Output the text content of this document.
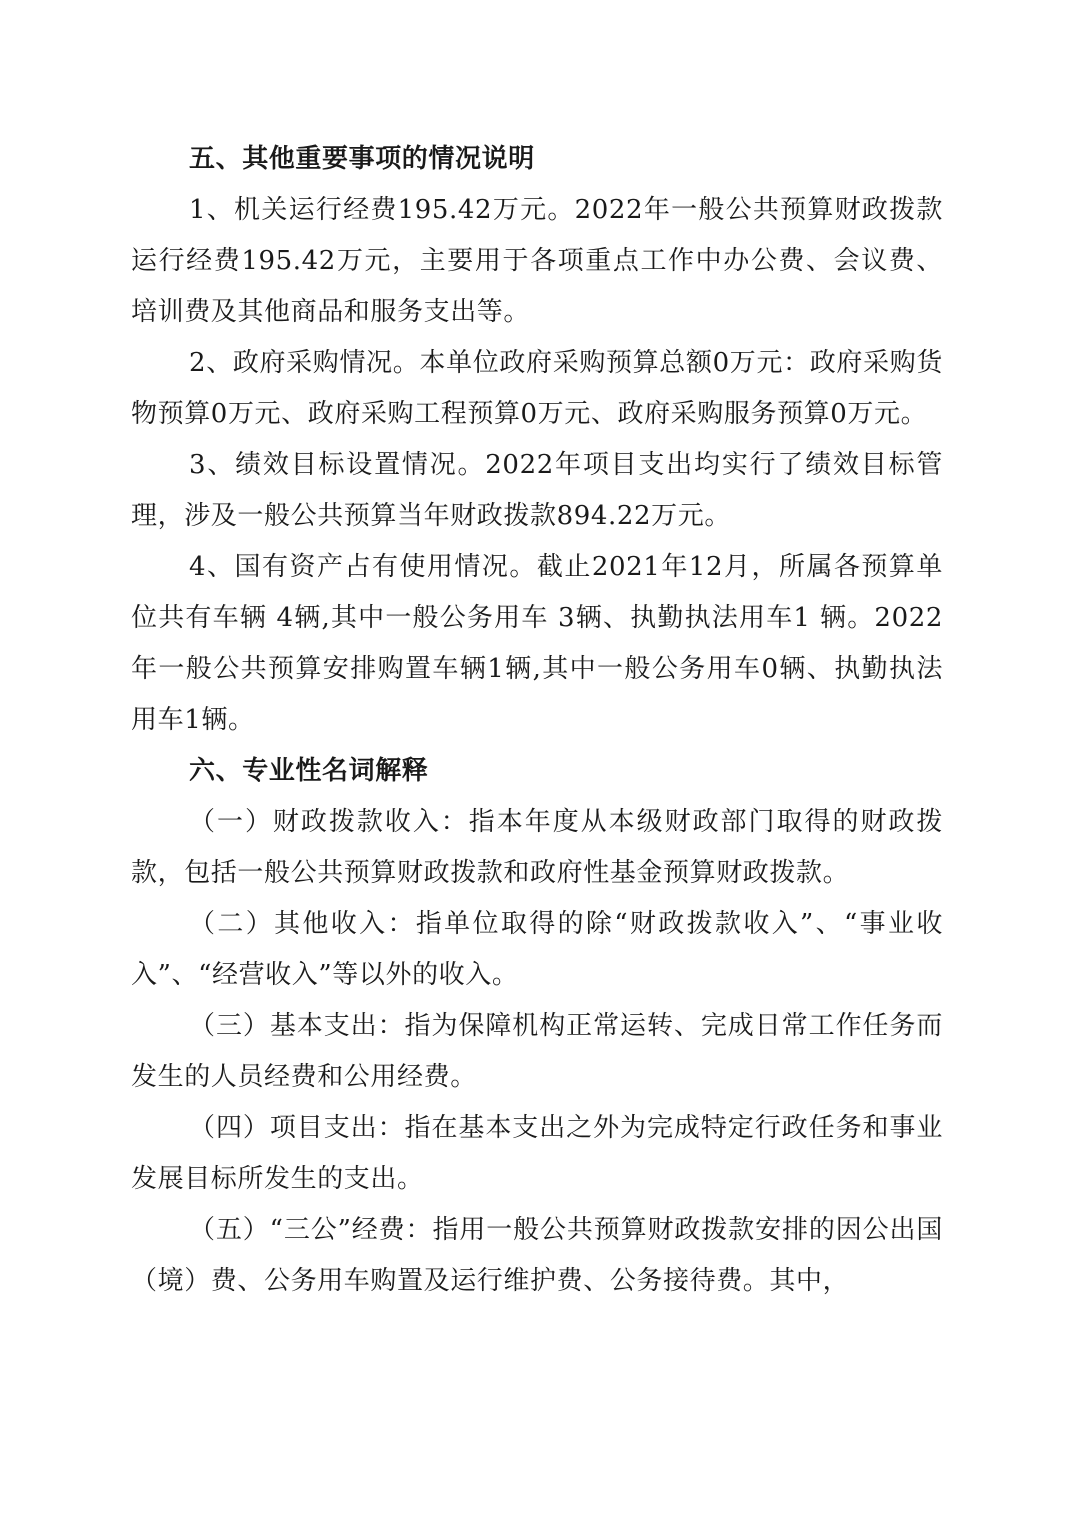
五、其他重要事项的情况说明

1、机关运行经费195.42万元。2022年一般公共预算财政拨款运行经费195.42万元，主要用于各项重点工作中办公费、会议费、培训费及其他商品和服务支出等。

2、政府采购情况。本单位政府采购预算总额0万元：政府采购货物预算0万元、政府采购工程预算0万元、政府采购服务预算0万元。

3、绩效目标设置情况。2022年项目支出均实行了绩效目标管理，涉及一般公共预算当年财政拨款894.22万元。

4、国有资产占有使用情况。截止2021年12月，所属各预算单位共有车辆 4辆,其中一般公务用车 3辆、执勤执法用车1 辆。2022年一般公共预算安排购置车辆1辆,其中一般公务用车0辆、执勤执法用车1辆。

六、专业性名词解释

（一）财政拨款收入：指本年度从本级财政部门取得的财政拨款，包括一般公共预算财政拨款和政府性基金预算财政拨款。

（二）其他收入：指单位取得的除“财政拨款收入”、“事业收入”、“经营收入”等以外的收入。

（三）基本支出：指为保障机构正常运转、完成日常工作任务而发生的人员经费和公用经费。

（四）项目支出：指在基本支出之外为完成特定行政任务和事业发展目标所发生的支出。

（五）“三公”经费：指用一般公共预算财政拨款安排的因公出国（境）费、公务用车购置及运行维护费、公务接待费。其中，
